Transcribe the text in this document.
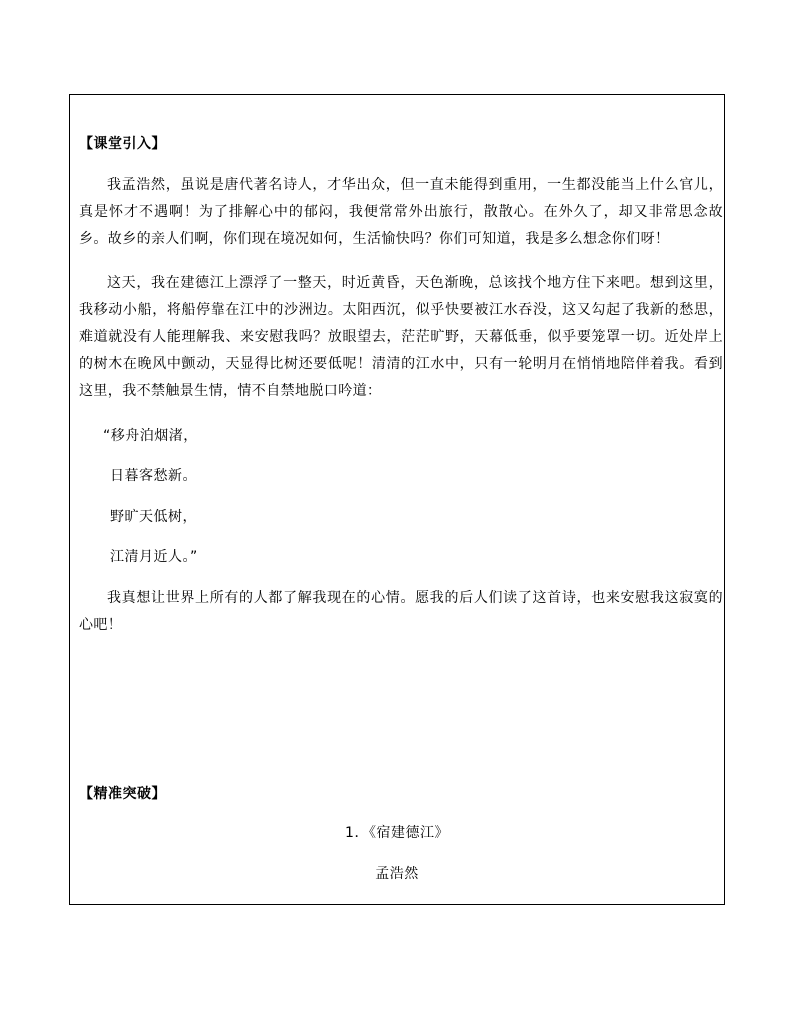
【课堂引入】

我孟浩然，虽说是唐代著名诗人，才华出众，但一直未能得到重用，一生都没能当上什么官儿，真是怀才不遇啊！为了排解心中的郁闷，我便常常外出旅行，散散心。在外久了，却又非常思念故乡。故乡的亲人们啊，你们现在境况如何，生活愉快吗？你们可知道，我是多么想念你们呀！

这天，我在建德江上漂浮了一整天，时近黄昏，天色渐晚，总该找个地方住下来吧。想到这里，我移动小船，将船停靠在江中的沙洲边。太阳西沉，似乎快要被江水吞没，这又勾起了我新的愁思，难道就没有人能理解我、来安慰我吗？放眼望去，茫茫旷野，天幕低垂，似乎要笼罩一切。近处岸上的树木在晚风中颤动，天显得比树还要低呢！清清的江水中，只有一轮明月在悄悄地陪伴着我。看到这里，我不禁触景生情，情不自禁地脱口吟道：

“移舟泊烟渚，
日暮客愁新。
野旷天低树，
江清月近人。”

我真想让世界上所有的人都了解我现在的心情。愿我的后人们读了这首诗，也来安慰我这寂寞的心吧！

【精准突破】
1．《宿建德江》
孟浩然
